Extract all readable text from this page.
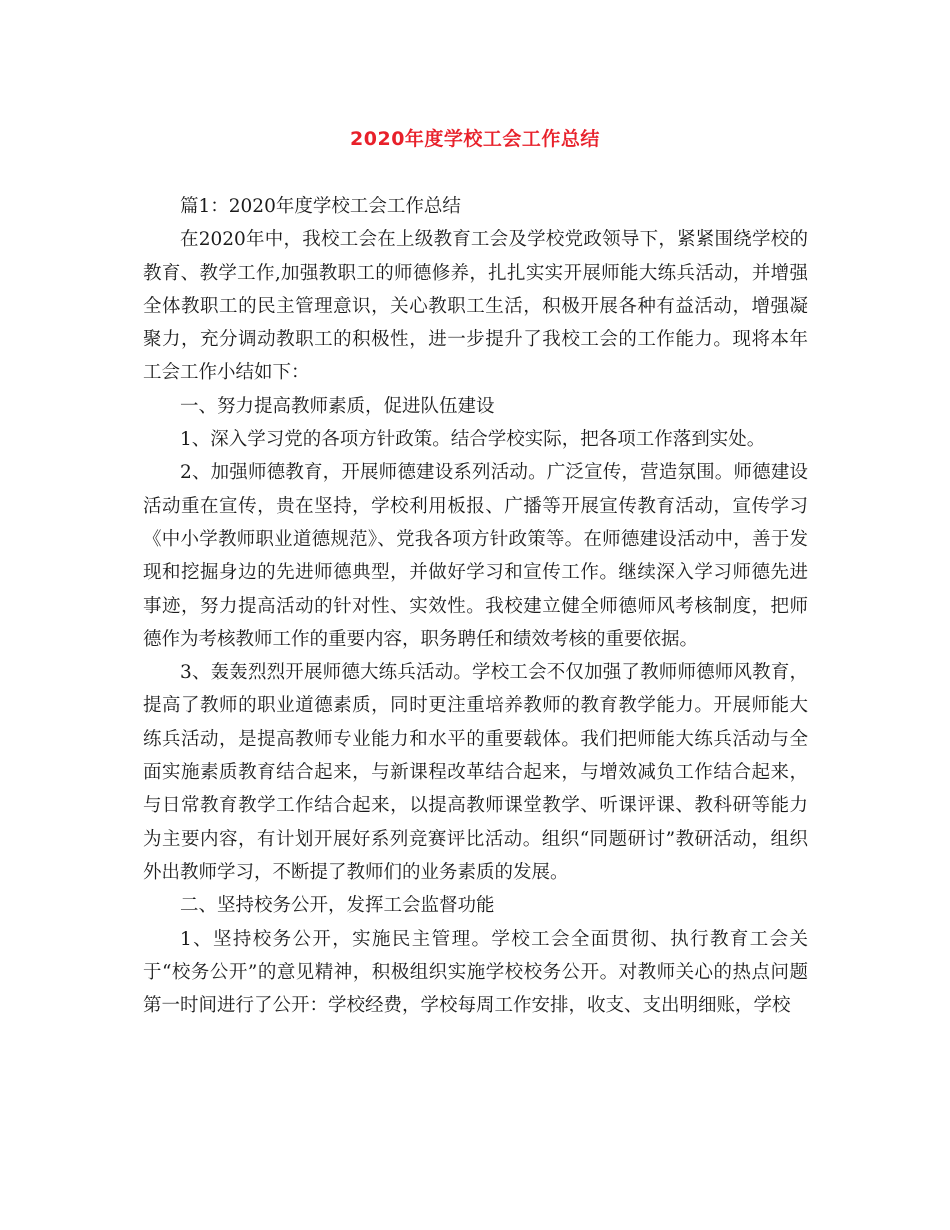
2020年度学校工会工作总结

篇1：2020年度学校工会工作总结

在2020年中，我校工会在上级教育工会及学校党政领导下，紧紧围绕学校的教育、教学工作,加强教职工的师德修养，扎扎实实开展师能大练兵活动，并增强全体教职工的民主管理意识，关心教职工生活，积极开展各种有益活动，增强凝聚力，充分调动教职工的积极性，进一步提升了我校工会的工作能力。现将本年工会工作小结如下：

一、努力提高教师素质，促进队伍建设

1、深入学习党的各项方针政策。结合学校实际，把各项工作落到实处。

2、加强师德教育，开展师德建设系列活动。广泛宣传，营造氛围。师德建设活动重在宣传，贵在坚持，学校利用板报、广播等开展宣传教育活动，宣传学习《中小学教师职业道德规范》、党我各项方针政策等。在师德建设活动中，善于发现和挖掘身边的先进师德典型，并做好学习和宣传工作。继续深入学习师德先进事迹，努力提高活动的针对性、实效性。我校建立健全师德师风考核制度，把师德作为考核教师工作的重要内容，职务聘任和绩效考核的重要依据。

3、轰轰烈烈开展师德大练兵活动。学校工会不仅加强了教师师德师风教育，提高了教师的职业道德素质，同时更注重培养教师的教育教学能力。开展师能大练兵活动，是提高教师专业能力和水平的重要载体。我们把师能大练兵活动与全面实施素质教育结合起来，与新课程改革结合起来，与增效减负工作结合起来，与日常教育教学工作结合起来，以提高教师课堂教学、听课评课、教科研等能力为主要内容，有计划开展好系列竞赛评比活动。组织“同题研讨”教研活动，组织外出教师学习，不断提了教师们的业务素质的发展。

二、坚持校务公开，发挥工会监督功能

1、坚持校务公开，实施民主管理。学校工会全面贯彻、执行教育工会关于“校务公开”的意见精神，积极组织实施学校校务公开。对教师关心的热点问题第一时间进行了公开：学校经费，学校每周工作安排，收支、支出明细账，学校
